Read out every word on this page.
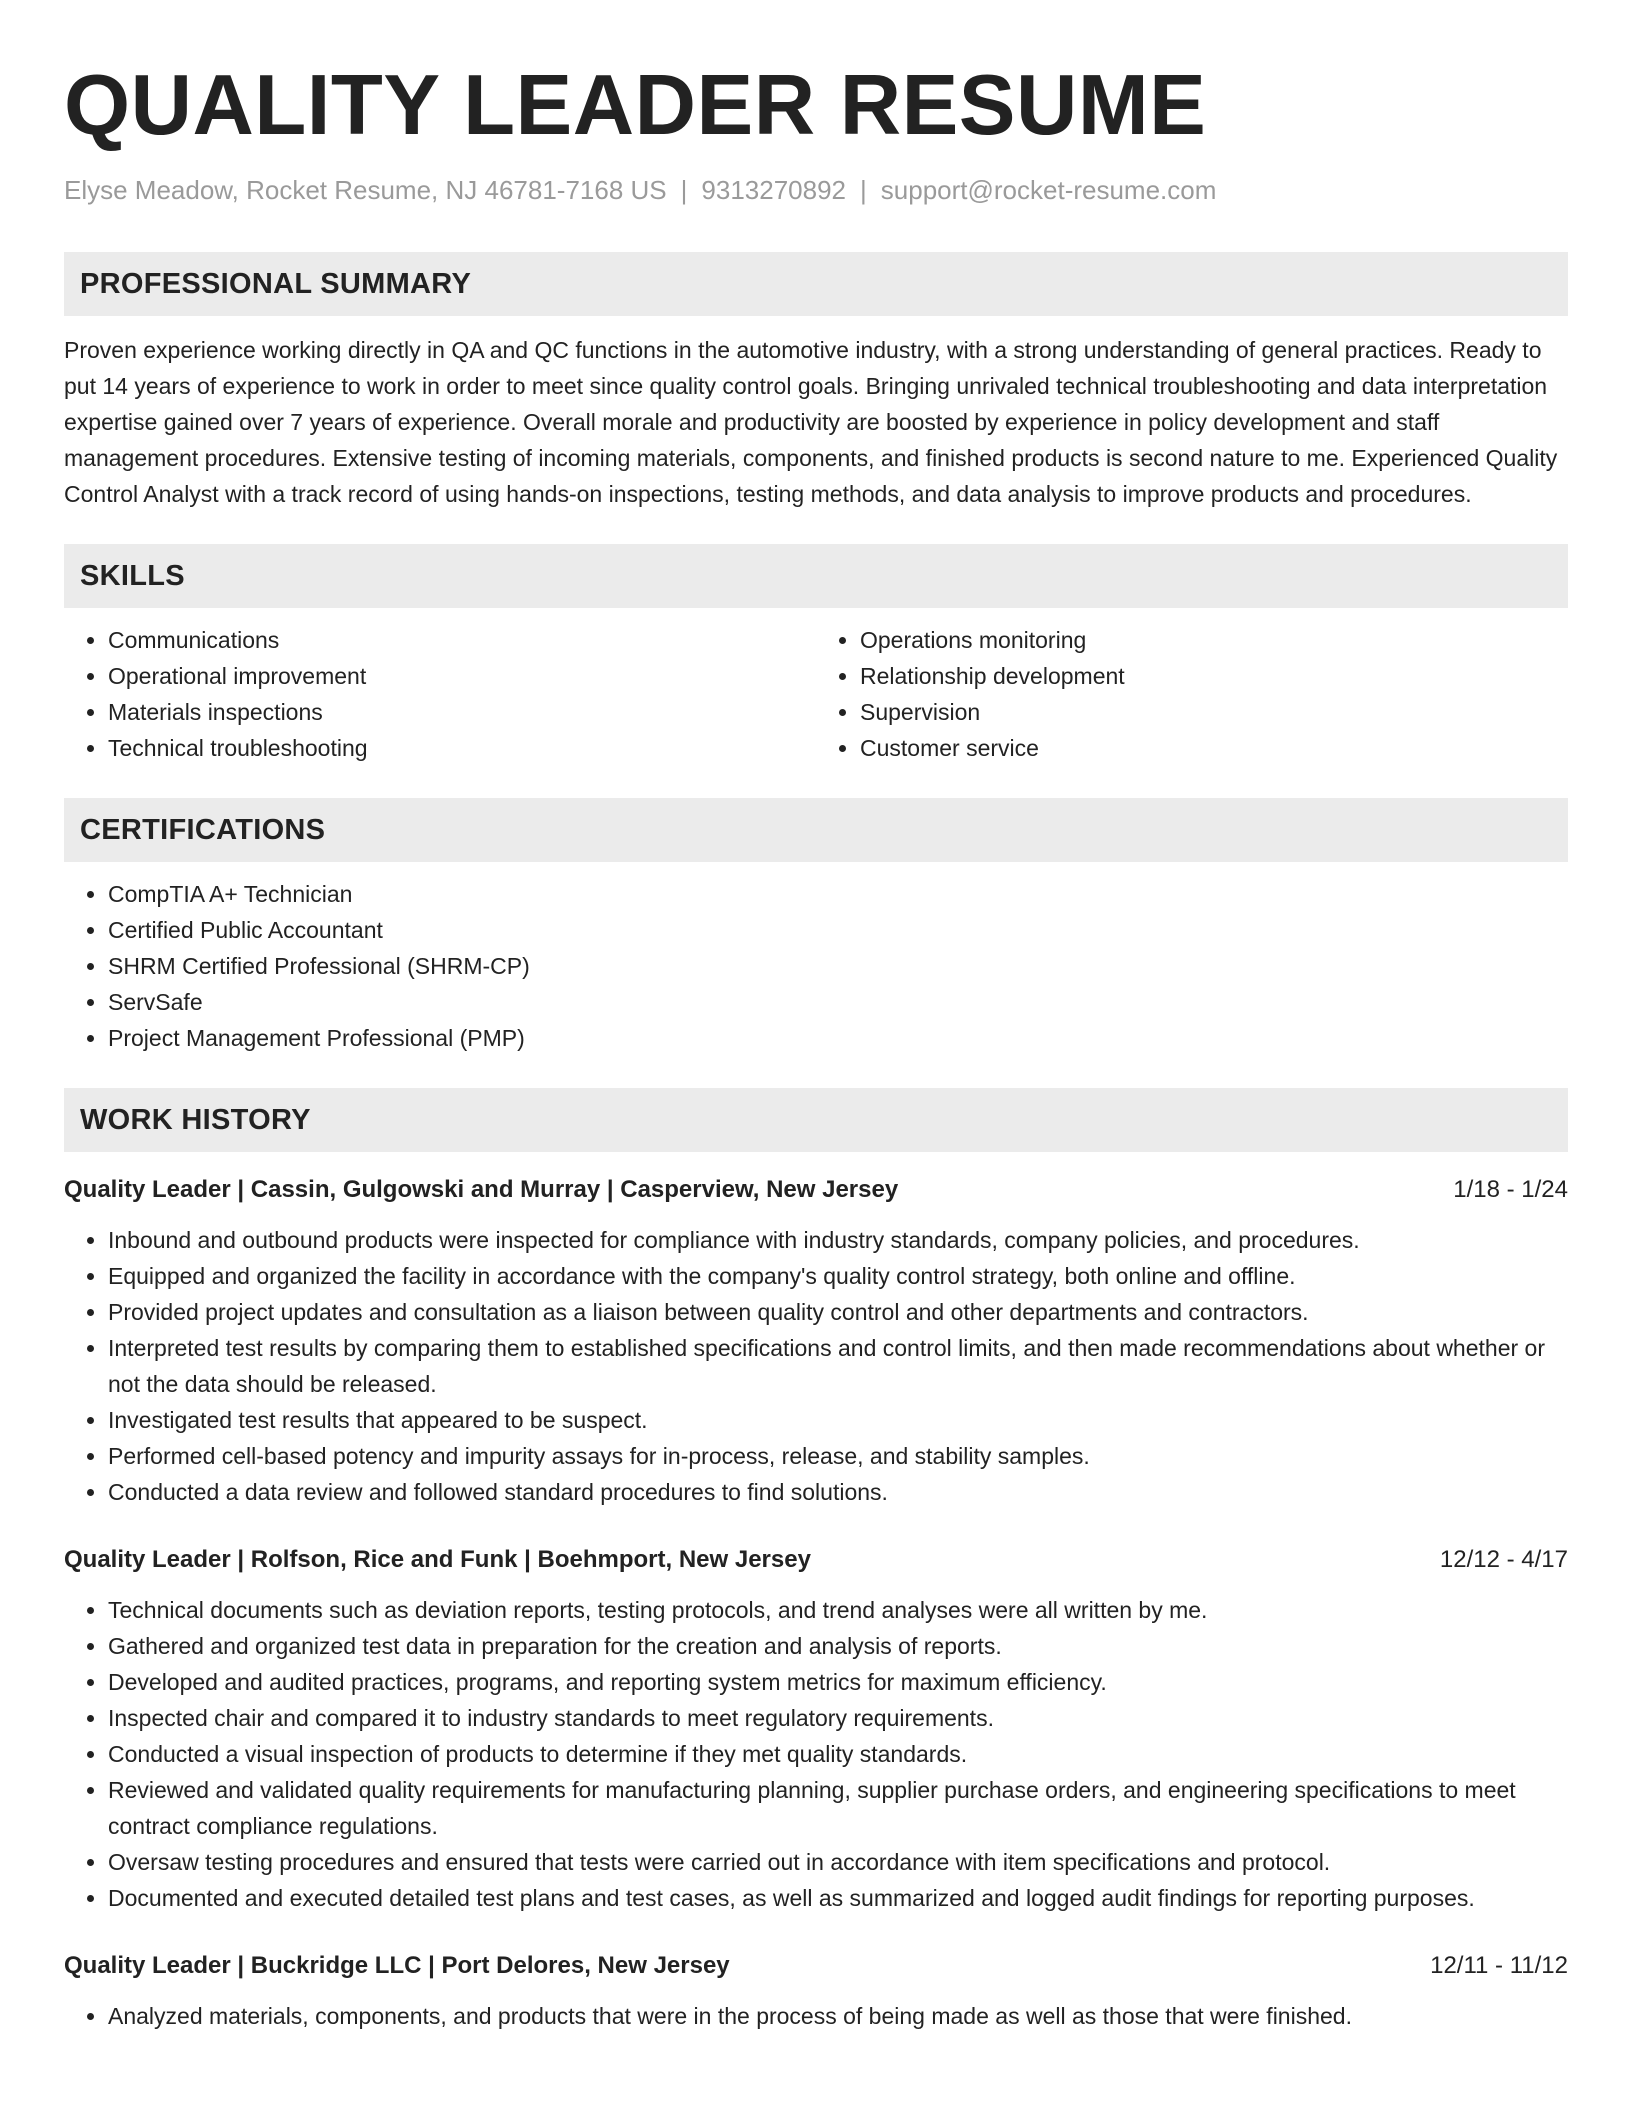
QUALITY LEADER RESUME
Elyse Meadow, Rocket Resume, NJ 46781-7168 US | 9313270892 | support@rocket-resume.com
PROFESSIONAL SUMMARY
Proven experience working directly in QA and QC functions in the automotive industry, with a strong understanding of general practices. Ready to put 14 years of experience to work in order to meet since quality control goals. Bringing unrivaled technical troubleshooting and data interpretation expertise gained over 7 years of experience. Overall morale and productivity are boosted by experience in policy development and staff management procedures. Extensive testing of incoming materials, components, and finished products is second nature to me. Experienced Quality Control Analyst with a track record of using hands-on inspections, testing methods, and data analysis to improve products and procedures.
SKILLS
• Communications
• Operational improvement
• Materials inspections
• Technical troubleshooting
• Operations monitoring
• Relationship development
• Supervision
• Customer service
CERTIFICATIONS
• CompTIA A+ Technician
• Certified Public Accountant
• SHRM Certified Professional (SHRM-CP)
• ServSafe
• Project Management Professional (PMP)
WORK HISTORY
Quality Leader | Cassin, Gulgowski and Murray | Casperview, New Jersey	1/18 - 1/24
• Inbound and outbound products were inspected for compliance with industry standards, company policies, and procedures.
• Equipped and organized the facility in accordance with the company's quality control strategy, both online and offline.
• Provided project updates and consultation as a liaison between quality control and other departments and contractors.
• Interpreted test results by comparing them to established specifications and control limits, and then made recommendations about whether or not the data should be released.
• Investigated test results that appeared to be suspect.
• Performed cell-based potency and impurity assays for in-process, release, and stability samples.
• Conducted a data review and followed standard procedures to find solutions.
Quality Leader | Rolfson, Rice and Funk | Boehmport, New Jersey	12/12 - 4/17
• Technical documents such as deviation reports, testing protocols, and trend analyses were all written by me.
• Gathered and organized test data in preparation for the creation and analysis of reports.
• Developed and audited practices, programs, and reporting system metrics for maximum efficiency.
• Inspected chair and compared it to industry standards to meet regulatory requirements.
• Conducted a visual inspection of products to determine if they met quality standards.
• Reviewed and validated quality requirements for manufacturing planning, supplier purchase orders, and engineering specifications to meet contract compliance regulations.
• Oversaw testing procedures and ensured that tests were carried out in accordance with item specifications and protocol.
• Documented and executed detailed test plans and test cases, as well as summarized and logged audit findings for reporting purposes.
Quality Leader | Buckridge LLC | Port Delores, New Jersey	12/11 - 11/12
• Analyzed materials, components, and products that were in the process of being made as well as those that were finished.
